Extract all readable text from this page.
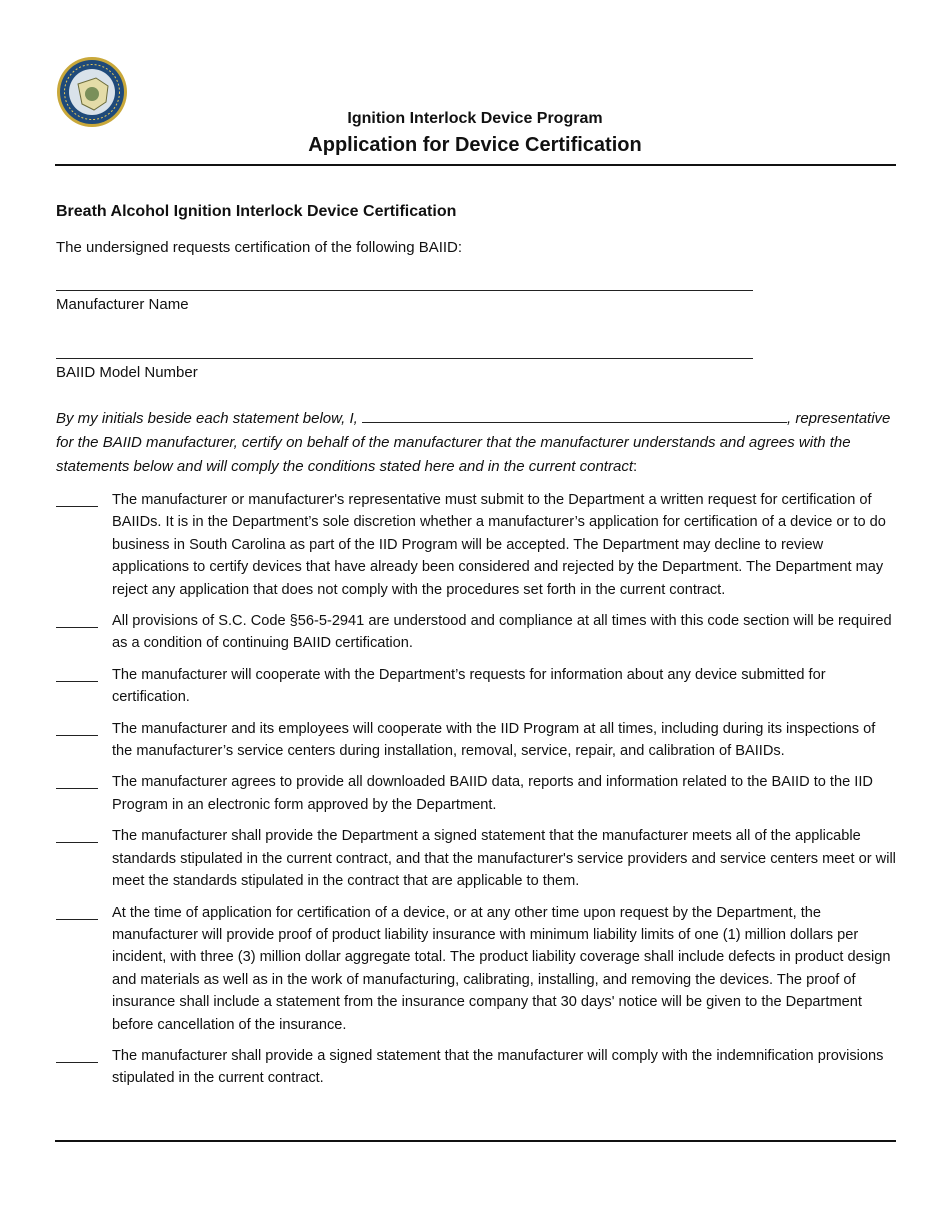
Ignition Interlock Device Program
Application for Device Certification
Breath Alcohol Ignition Interlock Device Certification
The undersigned requests certification of the following BAIID:
Manufacturer Name
BAIID Model Number
By my initials beside each statement below, I,	, representative for the BAIID manufacturer, certify on behalf of the manufacturer that the manufacturer understands and agrees with the statements below and will comply the conditions stated here and in the current contract:
The manufacturer or manufacturer's representative must submit to the Department a written request for certification of BAIIDs. It is in the Department’s sole discretion whether a manufacturer’s application for certification of a device or to do business in South Carolina as part of the IID Program will be accepted. The Department may decline to review applications to certify devices that have already been considered and rejected by the Department. The Department may reject any application that does not comply with the procedures set forth in the current contract.
All provisions of S.C. Code §56-5-2941 are understood and compliance at all times with this code section will be required as a condition of continuing BAIID certification.
The manufacturer will cooperate with the Department’s requests for information about any device submitted for certification.
The manufacturer and its employees will cooperate with the IID Program at all times, including during its inspections of the manufacturer’s service centers during installation, removal, service, repair, and calibration of BAIIDs.
The manufacturer agrees to provide all downloaded BAIID data, reports and information related to the BAIID to the IID Program in an electronic form approved by the Department.
The manufacturer shall provide the Department a signed statement that the manufacturer meets all of the applicable standards stipulated in the current contract, and that the manufacturer's service providers and service centers meet or will meet the standards stipulated in the contract that are applicable to them.
At the time of application for certification of a device, or at any other time upon request by the Department, the manufacturer will provide proof of product liability insurance with minimum liability limits of one (1) million dollars per incident, with three (3) million dollar aggregate total. The product liability coverage shall include defects in product design and materials as well as in the work of manufacturing, calibrating, installing, and removing the devices. The proof of insurance shall include a statement from the insurance company that 30 days' notice will be given to the Department before cancellation of the insurance.
The manufacturer shall provide a signed statement that the manufacturer will comply with the indemnification provisions stipulated in the current contract.
